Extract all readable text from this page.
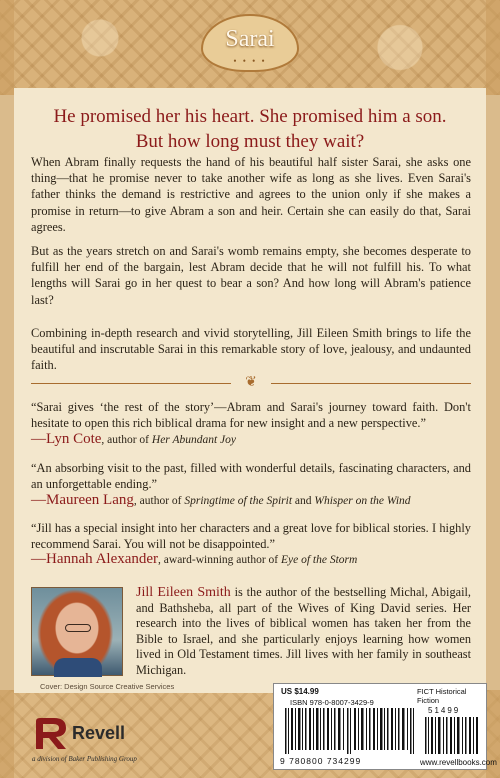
Sarai
• • • •
He promised her his heart. She promised him a son.
But how long must they wait?

When Abram finally requests the hand of his beautiful half sister Sarai, she asks one thing—that he promise never to take another wife as long as she lives. Even Sarai's father thinks the demand is restrictive and agrees to the union only if she makes a promise in return—to give Abram a son and heir. Certain she can easily do that, Sarai agrees.

But as the years stretch on and Sarai's womb remains empty, she becomes desperate to fulfill her end of the bargain, lest Abram decide that he will not fulfill his. To what lengths will Sarai go in her quest to bear a son? And how long will Abram's patience last?

Combining in-depth research and vivid storytelling, Jill Eileen Smith brings to life the beautiful and inscrutable Sarai in this remarkable story of love, jealousy, and undaunted faith.

❦

“Sarai gives ‘the rest of the story’—Abram and Sarai's journey toward faith. Don't hesitate to open this rich biblical drama for new insight and a new perspective.”

—Lyn Cote, author of Her Abundant Joy

“An absorbing visit to the past, filled with wonderful details, fascinating characters, and an unforgettable ending.”

—Maureen Lang, author of Springtime of the Spirit and Whisper on the Wind

“Jill has a special insight into her characters and a great love for biblical stories. I highly recommend Sarai. You will not be disappointed.”

—Hannah Alexander, award-winning author of Eye of the Storm

Jill Eileen Smith is the author of the bestselling Michal, Abigail, and Bathsheba, all part of the Wives of King David series. Her research into the lives of biblical women has taken her from the Bible to Israel, and she particularly enjoys learning how women lived in Old Testament times. Jill lives with her family in southeast Michigan.

Cover: Design Source Creative Services
Revell
a division of Baker Publishing Group
US $14.99	FICT Historical Fiction
ISBN 978-0-8007-3429-9
51499
9 780800 734299	www.revellbooks.com
